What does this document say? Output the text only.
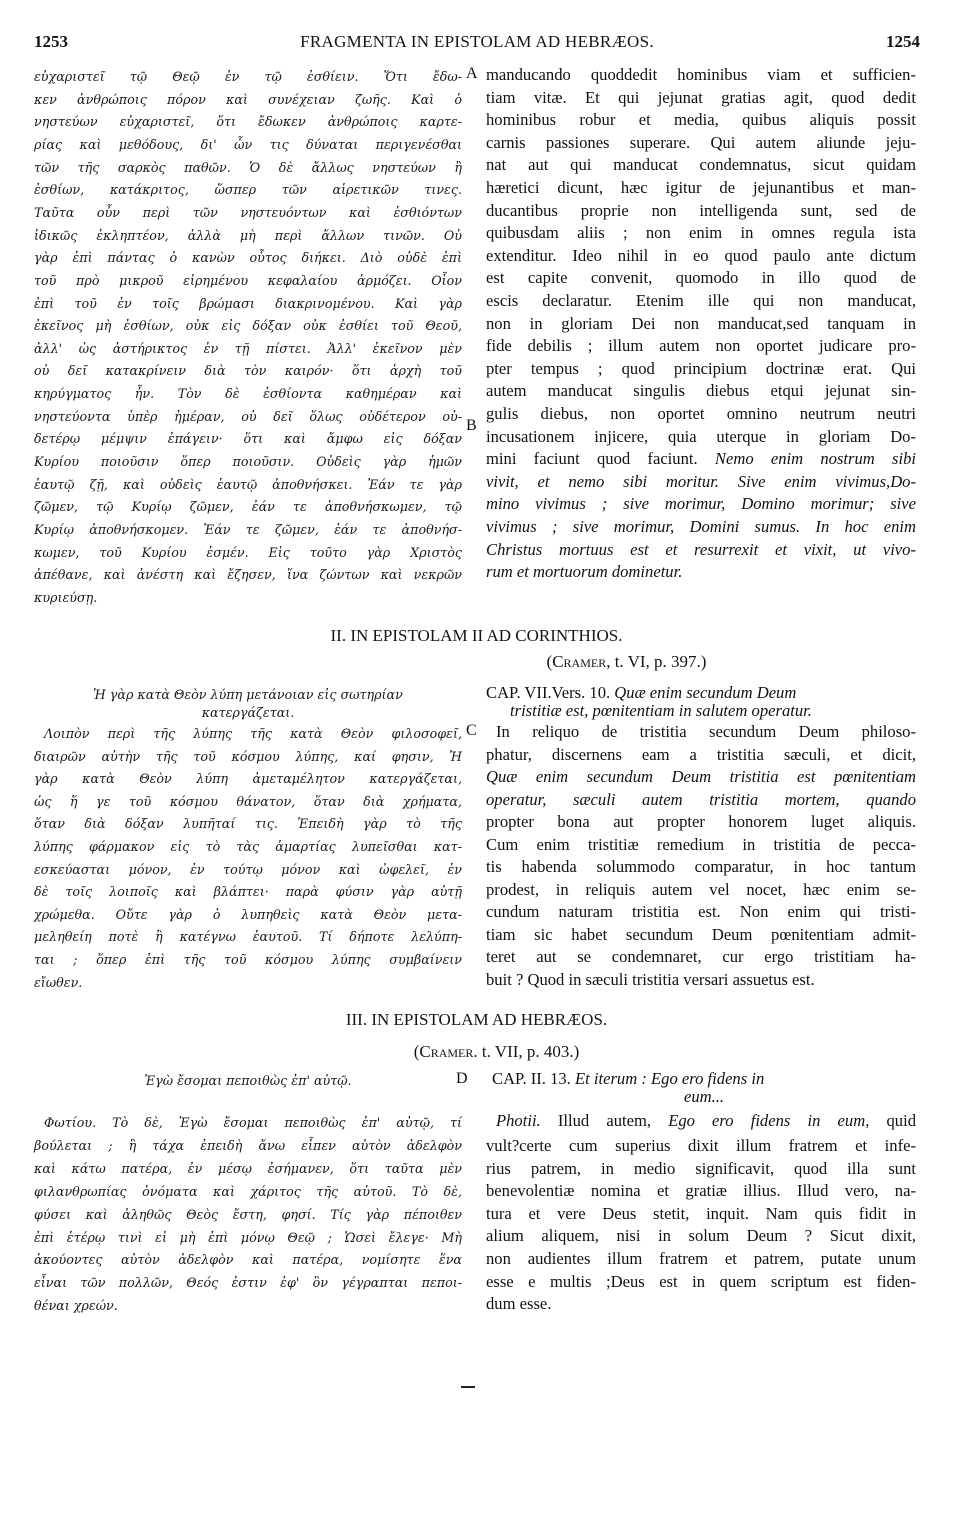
1253	FRAGMENTA IN EPISTOLAM AD HEBRÆOS.	1254
εὐχαριστεῖ τῷ Θεῷ ἐν τῷ ἐσθίειν. Ὅτι ἔδω-
κεν ἀνθρώποις πόρον καὶ συνέχειαν ζωῆς. Καὶ ὁ
νηστεύων εὐχαριστεῖ, ὅτι ἔδωκεν ἀνθρώποις καρτε-
ρίας καὶ μεθόδους, δι' ὧν τις δύναται περιγενέσθαι
τῶν τῆς σαρκὸς παθῶν. Ὁ δὲ ἄλλως νηστεύων ἢ
ἐσθίων, κατάκριτος, ὥσπερ τῶν αἱρετικῶν τινες.
Ταῦτα οὖν περὶ τῶν νηστευόντων καὶ ἐσθιόντων
ἰδικῶς ἐκληπτέον, ἀλλὰ μὴ περὶ ἄλλων τινῶν. Οὐ
γὰρ ἐπὶ πάντας ὁ κανὼν οὗτος διήκει. Διὸ οὐδὲ ἐπὶ
τοῦ πρὸ μικροῦ εἰρημένου κεφαλαίου ἁρμόζει. Οἷον
ἐπὶ τοῦ ἐν τοῖς βρώμασι διακρινομένου. Καὶ γὰρ
ἐκεῖνος μὴ ἐσθίων, οὐκ εἰς δόξαν οὐκ ἐσθίει τοῦ Θεοῦ,
ἀλλ' ὡς ἀστήρικτος ἐν τῇ πίστει. Ἀλλ' ἐκεῖνον μὲν
οὐ δεῖ κατακρίνειν διὰ τὸν καιρόν· ὅτι ἀρχὴ τοῦ
κηρύγματος ἦν. Τὸν δὲ ἐσθίοντα καθημέραν καὶ
νηστεύοντα ὑπὲρ ἡμέραν, οὐ δεῖ ὅλως οὐδέτερον οὐ-
δετέρῳ μέμψιν ἐπάγειν· ὅτι καὶ ἄμφω εἰς δόξαν
Κυρίου ποιοῦσιν ὅπερ ποιοῦσιν. Οὐδεὶς γὰρ ἡμῶν
ἑαυτῷ ζῇ, καὶ οὐδεὶς ἑαυτῷ ἀποθνήσκει. Ἐάν τε γὰρ
ζῶμεν, τῷ Κυρίῳ ζῶμεν, ἐάν τε ἀποθνήσκωμεν, τῷ
Κυρίῳ ἀποθνήσκομεν. Ἐάν τε ζῶμεν, ἐάν τε ἀποθνήσ-
κωμεν, τοῦ Κυρίου ἐσμέν. Εἰς τοῦτο γὰρ Χριστὸς
ἀπέθανε, καὶ ἀνέστη καὶ ἔζησεν, ἵνα ζώντων καὶ νεκρῶν
κυριεύσῃ.
manducando quoddedit hominibus viam et sufficien-
tiam vitæ. Et qui jejunat gratias agit, quod dedit
hominibus robur et media, quibus aliquis possit
carnis passiones superare. Qui autem aliunde jeju-
nat aut qui manducat condemnatus, sicut quidam
hæretici dicunt, hæc igitur de jejunantibus et man-
ducantibus proprie non intelligenda sunt, sed de
quibusdam aliis ; non enim in omnes regula ista
extenditur. Ideo nihil in eo quod paulo ante dictum
est capite convenit, quomodo in illo quod de
escis declaratur. Etenim ille qui non manducat,
non in gloriam Dei non manducat,sed tanquam in
fide debilis ; illum autem non oportet judicare pro-
pter tempus ; quod principium doctrinæ erat. Qui
autem manducat singulis diebus etqui jejunat sin-
gulis diebus, non oportet omnino neutrum neutri
incusationem injicere, quia uterque in gloriam Do-
mini faciunt quod faciunt. Nemo enim nostrum sibi
vivit, et nemo sibi moritur. Sive enim vivimus,Do-
mino vivimus ; sive morimur, Domino morimur; sive
vivimus ; sive morimur, Domini sumus. In hoc enim
Christus mortuus est et resurrexit et vixit, ut vivo-
rum et mortuorum dominetur.
A
B
II. IN EPISTOLAM II AD CORINTHIOS.
(Cramer, t. VI, p. 397.)
Ἡ γὰρ κατὰ Θεὸν λύπη μετάνοιαν εἰς σωτηρίαν
κατεργάζεται.
CAP. VII.Vers. 10. Quæ enim secundum Deum
tristitiæ est, pœnitentiam in salutem operatur.
C
Λοιπὸν περὶ τῆς λύπης τῆς κατὰ Θεὸν φιλοσοφεῖ,
διαιρῶν αὐτὴν τῆς τοῦ κόσμου λύπης, καί φησιν, Ἡ
γὰρ κατὰ Θεὸν λύπη ἀμεταμέλητον κατεργάζεται,
ὡς ἥ γε τοῦ κόσμου θάνατον, ὅταν διὰ χρήματα,
ὅταν διὰ δόξαν λυπῆταί τις. Ἐπειδὴ γὰρ τὸ τῆς
λύπης φάρμακον εἰς τὸ τὰς ἁμαρτίας λυπεῖσθαι κατ-
εσκεύασται μόνον, ἐν τούτῳ μόνον καὶ ὠφελεῖ, ἐν
δὲ τοῖς λοιποῖς καὶ βλάπτει· παρὰ φύσιν γὰρ αὐτῇ
χρώμεθα. Οὔτε γὰρ ὁ λυπηθεὶς κατὰ Θεὸν μετα-
μεληθείη ποτὲ ἢ κατέγνω ἑαυτοῦ. Τί δήποτε λελύπη-
ται ; ὅπερ ἐπὶ τῆς τοῦ κόσμου λύπης συμβαίνειν
εἴωθεν.
In reliquo de tristitia secundum Deum philoso-
phatur, discernens eam a tristitia sæculi, et dicit,
Quæ enim secundum Deum tristitia est pœnitentiam
operatur, sæculi autem tristitia mortem, quando
propter bona aut propter honorem luget aliquis.
Cum enim tristitiæ remedium in tristitia de pecca-
tis habenda solummodo comparatur, in hoc tantum
prodest, in reliquis autem vel nocet, hæc enim se-
cundum naturam tristitia est. Non enim qui tristi-
tiam sic habet secundum Deum pœnitentiam admit-
teret aut se condemnaret, cur ergo tristitiam ha-
buit ? Quod in sæculi tristitia versari assuetus est.
III. IN EPISTOLAM AD HEBRÆOS.
(Cramer. t. VII, p. 403.)
Ἐγὼ ἔσομαι πεποιθὼς ἐπ' αὐτῷ.	D CAP. II. 13. Et iterum : Ego ero fidens in
eum...
Φωτίου. Τὸ δὲ, Ἐγὼ ἔσομαι πεποιθὼς ἐπ' αὐτῷ, τί
βούλεται ; ἢ τάχα ἐπειδὴ ἄνω εἶπεν αὐτὸν ἀδελφὸν
καὶ κάτω πατέρα, ἐν μέσῳ ἐσήμανεν, ὅτι ταῦτα μὲν
φιλανθρωπίας ὀνόματα καὶ χάριτος τῆς αὐτοῦ. Τὸ δὲ,
φύσει καὶ ἀληθῶς Θεὸς ἔστη, φησί. Τίς γὰρ πέποιθεν
ἐπὶ ἑτέρῳ τινὶ εἰ μὴ ἐπὶ μόνῳ Θεῷ ; Ὡσεὶ ἔλεγε· Μὴ
ἀκούοντες αὐτὸν ἀδελφὸν καὶ πατέρα, νομίσητε ἕνα
εἶναι τῶν πολλῶν, Θεός ἐστιν ἐφ' ὃν γέγραπται πεποι-
θέναι χρεών.
Photii. Illud autem, Ego ero fidens in eum, quid
vult?certe cum superius dixit illum fratrem et infe-
rius patrem, in medio significavit, quod illa sunt
benevolentiæ nomina et gratiæ illius. Illud vero, na-
tura et vere Deus stetit, inquit. Nam quis fidit in
alium aliquem, nisi in solum Deum ? Sicut dixit,
non audientes illum fratrem et patrem, putate unum
esse e multis ;Deus est in quem scriptum est fiden-
dum esse.
